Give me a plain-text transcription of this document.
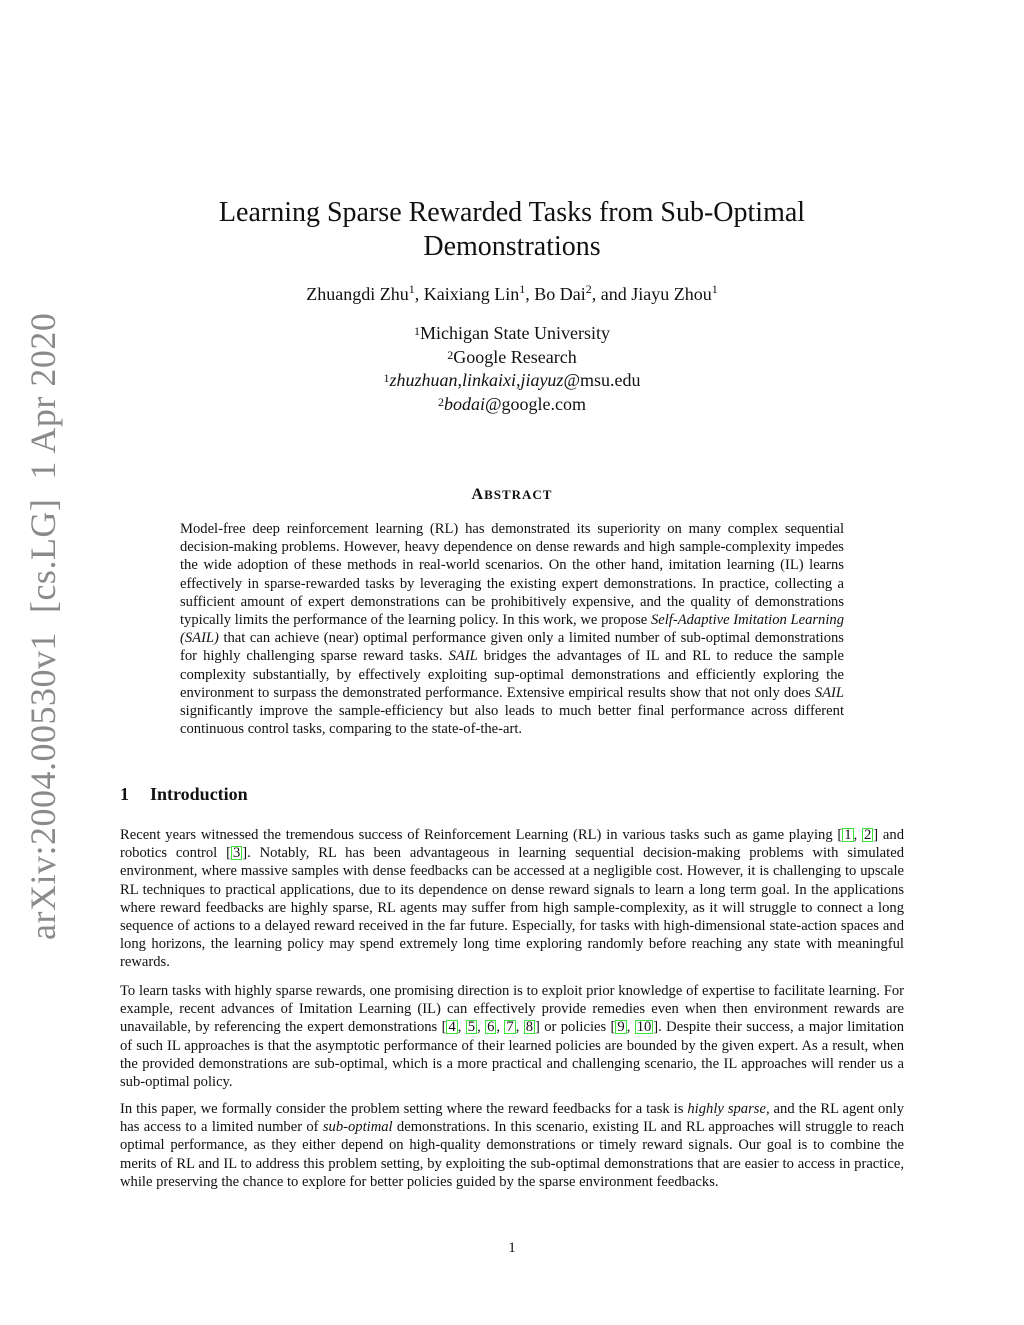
arXiv:2004.00530v1  [cs.LG]  1 Apr 2020
Learning Sparse Rewarded Tasks from Sub-Optimal
Demonstrations
Zhuangdi Zhu$^1$, Kaixiang Lin$^1$, Bo Dai$^2$, and Jiayu Zhou$^1$
$^1$Michigan State University
$^2$Google Research
$^1$zhuzhuan,linkaixi,jiayuz@msu.edu
$^2$bodai@google.com
ABSTRACT
Model-free deep reinforcement learning (RL) has demonstrated its superiority on many complex sequential decision-making problems. However, heavy dependence on dense rewards and high sample-complexity impedes the wide adoption of these methods in real-world scenarios. On the other hand, imitation learning (IL) learns effectively in sparse-rewarded tasks by leveraging the existing expert demonstrations. In practice, collecting a sufficient amount of expert demonstrations can be prohibitively expensive, and the quality of demonstrations typically limits the performance of the learning policy. In this work, we propose Self-Adaptive Imitation Learning (SAIL) that can achieve (near) optimal performance given only a limited number of sub-optimal demonstrations for highly challenging sparse reward tasks. SAIL bridges the advantages of IL and RL to reduce the sample complexity substantially, by effectively exploiting sup-optimal demonstrations and efficiently exploring the environment to surpass the demonstrated performance. Extensive empirical results show that not only does SAIL significantly improve the sample-efficiency but also leads to much better final performance across different continuous control tasks, comparing to the state-of-the-art.
1 Introduction
Recent years witnessed the tremendous success of Reinforcement Learning (RL) in various tasks such as game playing [ 1 , 2 ] and robotics control [ 3 ]. Notably, RL has been advantageous in learning sequential decision-making problems with simulated environment, where massive samples with dense feedbacks can be accessed at a negligible cost. However, it is challenging to upscale RL techniques to practical applications, due to its dependence on dense reward signals to learn a long term goal. In the applications where reward feedbacks are highly sparse, RL agents may suffer from high sample-complexity, as it will struggle to connect a long sequence of actions to a delayed reward received in the far future. Especially, for tasks with high-dimensional state-action spaces and long horizons, the learning policy may spend extremely long time exploring randomly before reaching any state with meaningful rewards.
To learn tasks with highly sparse rewards, one promising direction is to exploit prior knowledge of expertise to facilitate learning. For example, recent advances of Imitation Learning (IL) can effectively provide remedies even when then environment rewards are unavailable, by referencing the expert demonstrations [ 4 , 5 , 6 , 7 , 8 ] or policies [ 9 , 10 ]. Despite their success, a major limitation of such IL approaches is that the asymptotic performance of their learned policies are bounded by the given expert. As a result, when the provided demonstrations are sub-optimal, which is a more practical and challenging scenario, the IL approaches will render us a sub-optimal policy.
In this paper, we formally consider the problem setting where the reward feedbacks for a task is highly sparse, and the RL agent only has access to a limited number of sub-optimal demonstrations. In this scenario, existing IL and RL approaches will struggle to reach optimal performance, as they either depend on high-quality demonstrations or timely reward signals. Our goal is to combine the merits of RL and IL to address this problem setting, by exploiting the sub-optimal demonstrations that are easier to access in practice, while preserving the chance to explore for better policies guided by the sparse environment feedbacks.
1
